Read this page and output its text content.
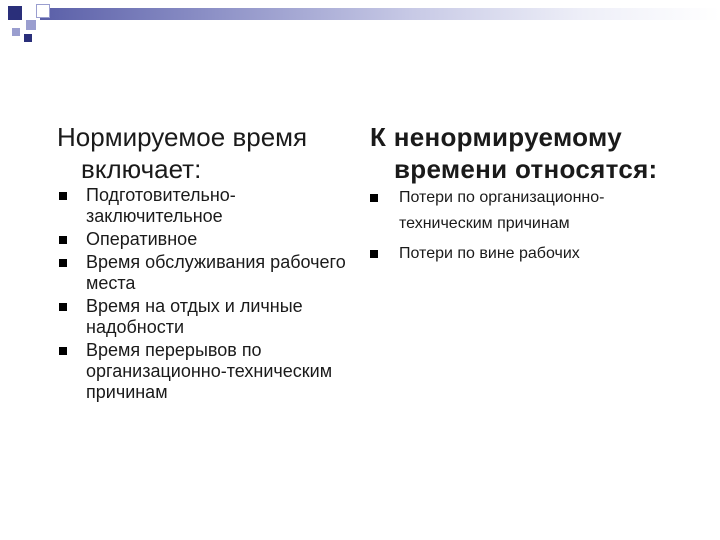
Нормируемое время включает:
Подготовительно-заключительное
Оперативное
Время обслуживания рабочего места
Время на отдых и личные надобности
Время перерывов по организационно-техническим причинам
К ненормируемому времени относятся:
Потери по организационно-техническим причинам
Потери по вине рабочих
